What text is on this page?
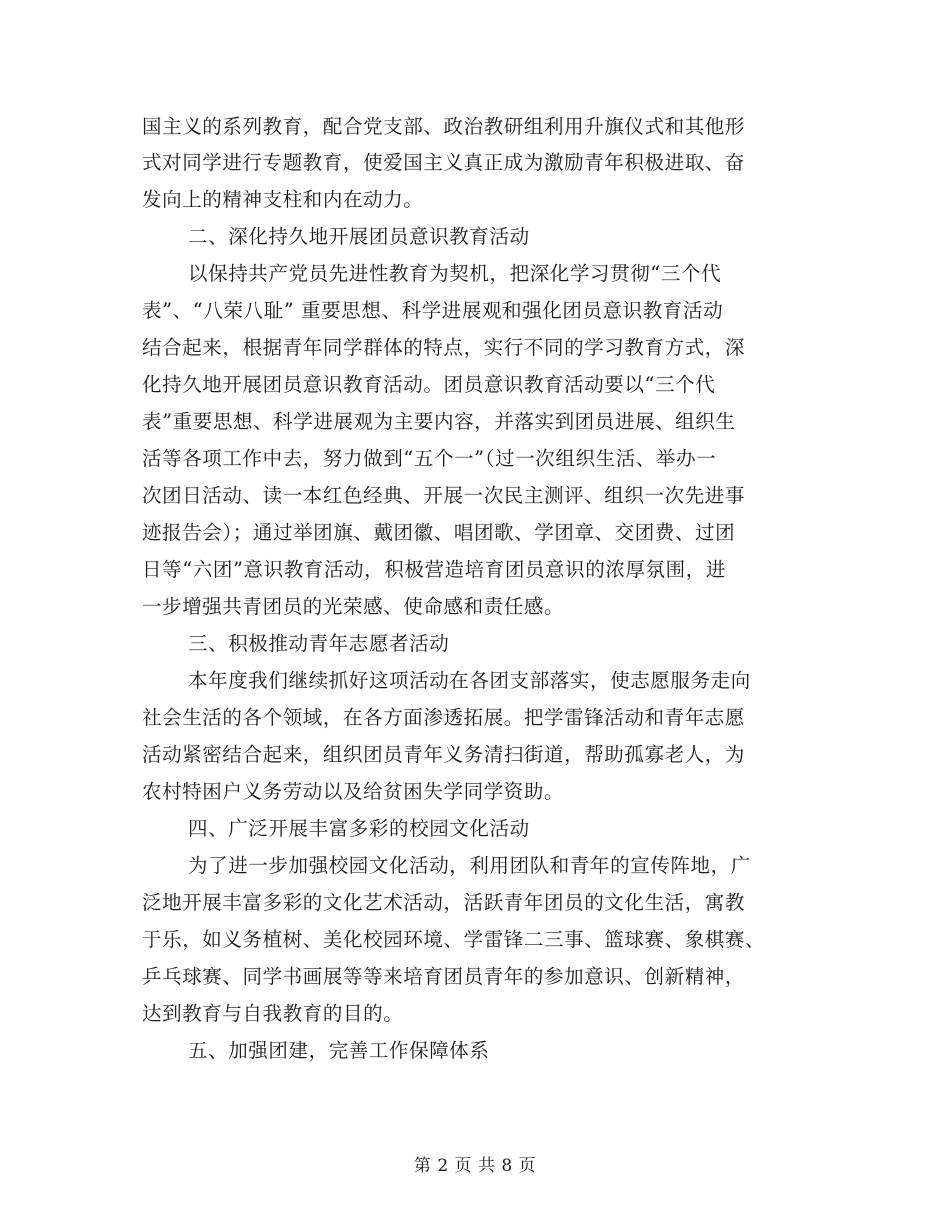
国主义的系列教育，配合党支部、政治教研组利用升旗仪式和其他形
式对同学进行专题教育，使爱国主义真正成为激励青年积极进取、奋
发向上的精神支柱和内在动力。
二、深化持久地开展团员意识教育活动
以保持共产党员先进性教育为契机，把深化学习贯彻“三个代
表”、“八荣八耻” 重要思想、科学进展观和强化团员意识教育活动
结合起来，根据青年同学群体的特点，实行不同的学习教育方式，深
化持久地开展团员意识教育活动。团员意识教育活动要以“三个代
表”重要思想、科学进展观为主要内容，并落实到团员进展、组织生
活等各项工作中去，努力做到“五个一”（过一次组织生活、举办一
次团日活动、读一本红色经典、开展一次民主测评、组织一次先进事
迹报告会）；通过举团旗、戴团徽、唱团歌、学团章、交团费、过团
日等“六团”意识教育活动，积极营造培育团员意识的浓厚氛围，进
一步增强共青团员的光荣感、使命感和责任感。
三、积极推动青年志愿者活动
本年度我们继续抓好这项活动在各团支部落实，使志愿服务走向
社会生活的各个领域，在各方面渗透拓展。把学雷锋活动和青年志愿
活动紧密结合起来，组织团员青年义务清扫街道，帮助孤寡老人，为
农村特困户义务劳动以及给贫困失学同学资助。
四、广泛开展丰富多彩的校园文化活动
为了进一步加强校园文化活动，利用团队和青年的宣传阵地，广
泛地开展丰富多彩的文化艺术活动，活跃青年团员的文化生活，寓教
于乐，如义务植树、美化校园环境、学雷锋二三事、篮球赛、象棋赛、
乒乓球赛、同学书画展等等来培育团员青年的参加意识、创新精神，
达到教育与自我教育的目的。
五、加强团建，完善工作保障体系
第 2 页 共 8 页
